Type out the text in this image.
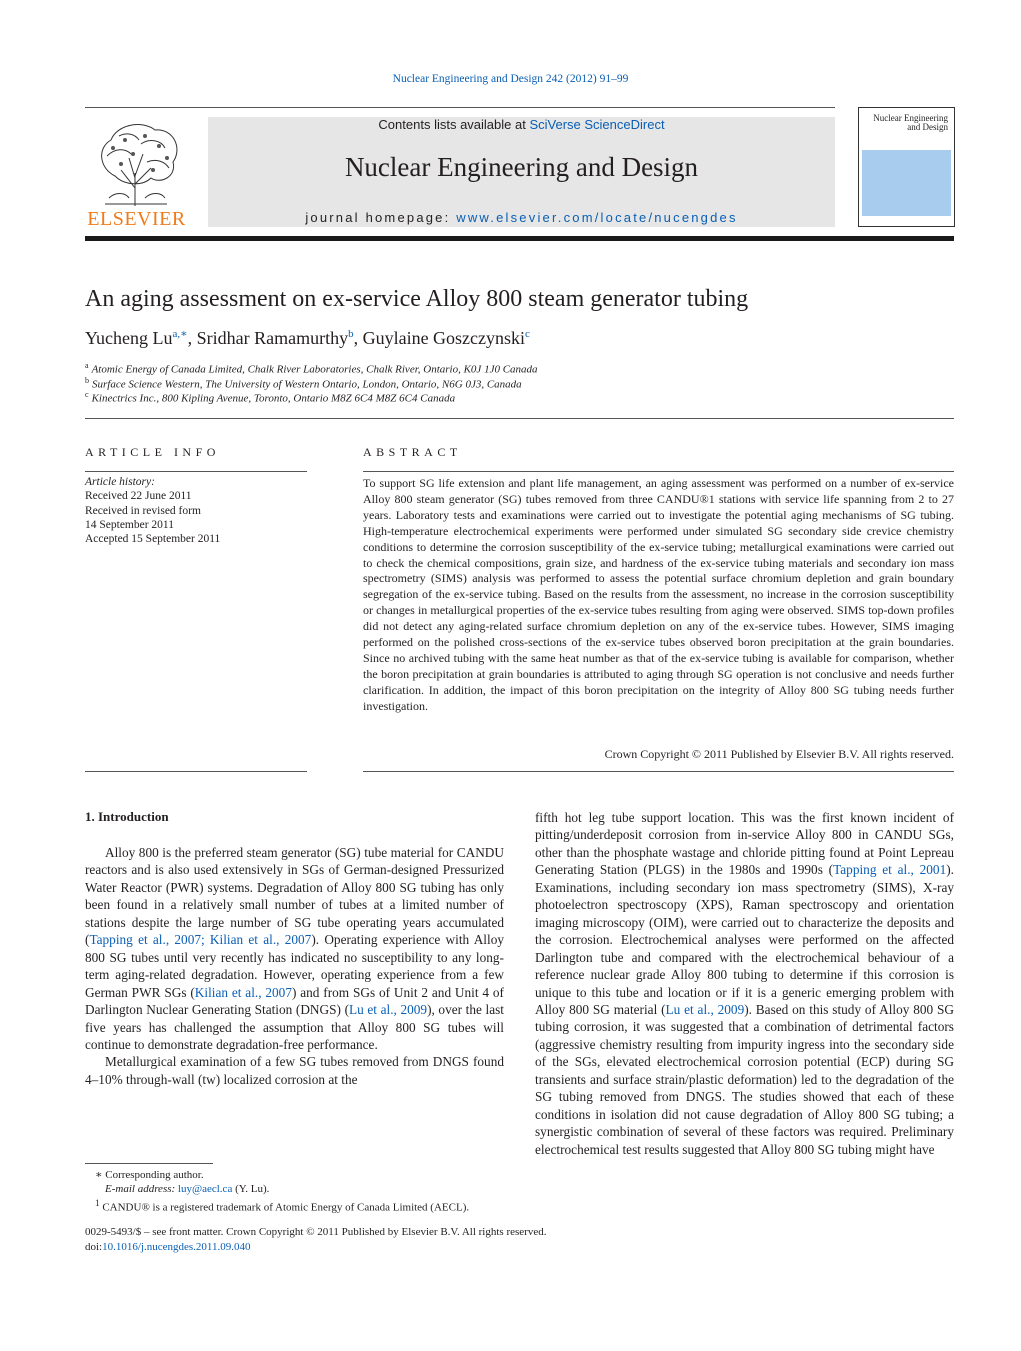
Nuclear Engineering and Design 242 (2012) 91–99
ELSEVIER
Contents lists available at SciVerse ScienceDirect
Nuclear Engineering and Design
journal homepage: www.elsevier.com/locate/nucengdes
Nuclear Engineering and Design
An aging assessment on ex-service Alloy 800 steam generator tubing
Yucheng $Lu^{a,∗}$, Sridhar Ramamurthy$^b$, Guylaine Goszczynski$^c$
$^a$ Atomic Energy of Canada Limited, Chalk River Laboratories, Chalk River, Ontario, K0J 1J0 Canada
$^b$ Surface Science Western, The University of Western Ontario, London, Ontario, N6G 0J3, Canada
$^c$ Kinectrics Inc., 800 Kipling Avenue, Toronto, Ontario M8Z 6C4 M8Z 6C4 Canada
ARTICLE INFO	ABSTRACT
Article history:
Received 22 June 2011
Received in revised form
14 September 2011
Accepted 15 September 2011
To support SG life extension and plant life management, an aging assessment was performed on a number of ex-service Alloy 800 steam generator (SG) tubes removed from three CANDU®1 stations with service life spanning from 2 to 27 years. Laboratory tests and examinations were carried out to investigate the potential aging mechanisms of SG tubing. High-temperature electrochemical experiments were performed under simulated SG secondary side crevice chemistry conditions to determine the corrosion susceptibility of the ex-service tubing; metallurgical examinations were carried out to check the chemical compositions, grain size, and hardness of the ex-service tubing materials and secondary ion mass spectrometry (SIMS) analysis was performed to assess the potential surface chromium depletion and grain boundary segregation of the ex-service tubing. Based on the results from the assessment, no increase in the corrosion susceptibility or changes in metallurgical properties of the ex-service tubes resulting from aging were observed. SIMS top-down profiles did not detect any aging-related surface chromium depletion on any of the ex-service tubes. However, SIMS imaging performed on the polished cross-sections of the ex-service tubes observed boron precipitation at the grain boundaries. Since no archived tubing with the same heat number as that of the ex-service tubing is available for comparison, whether the boron precipitation at grain boundaries is attributed to aging through SG operation is not conclusive and needs further clarification. In addition, the impact of this boron precipitation on the integrity of Alloy 800 SG tubing needs further investigation.
Crown Copyright © 2011 Published by Elsevier B.V. All rights reserved.
1. Introduction

Alloy 800 is the preferred steam generator (SG) tube material for CANDU reactors and is also used extensively in SGs of German-designed Pressurized Water Reactor (PWR) systems. Degradation of Alloy 800 SG tubing has only been found in a relatively small number of tubes at a limited number of stations despite the large number of SG tube operating years accumulated (Tapping et al., 2007; Kilian et al., 2007). Operating experience with Alloy 800 SG tubes until very recently has indicated no susceptibility to any long-term aging-related degradation. However, operating experience from a few German PWR SGs (Kilian et al., 2007) and from SGs of Unit 2 and Unit 4 of Darlington Nuclear Generating Station (DNGS) (Lu et al., 2009), over the last five years has challenged the assumption that Alloy 800 SG tubes will continue to demonstrate degradation-free performance.

Metallurgical examination of a few SG tubes removed from DNGS found 4–10% through-wall (tw) localized corrosion at the

fifth hot leg tube support location. This was the first known incident of pitting/underdeposit corrosion from in-service Alloy 800 in CANDU SGs, other than the phosphate wastage and chloride pitting found at Point Lepreau Generating Station (PLGS) in the 1980s and 1990s (Tapping et al., 2001). Examinations, including secondary ion mass spectrometry (SIMS), X-ray photoelectron spectroscopy (XPS), Raman spectroscopy and orientation imaging microscopy (OIM), were carried out to characterize the deposits and the corrosion. Electrochemical analyses were performed on the affected Darlington tube and compared with the electrochemical behaviour of a reference nuclear grade Alloy 800 tubing to determine if this corrosion is unique to this tube and location or if it is a generic emerging problem with Alloy 800 SG material (Lu et al., 2009). Based on this study of Alloy 800 SG tubing corrosion, it was suggested that a combination of detrimental factors (aggressive chemistry resulting from impurity ingress into the secondary side of the SGs, elevated electrochemical corrosion potential (ECP) during SG transients and surface strain/plastic deformation) led to the degradation of the SG tubing removed from DNGS. The studies showed that each of these conditions in isolation did not cause degradation of Alloy 800 SG tubing; a synergistic combination of several of these factors was required. Preliminary electrochemical test results suggested that Alloy 800 SG tubing might have

∗ Corresponding author.
E-mail address: luy@aecl.ca (Y. Lu).
$^1$ CANDU® is a registered trademark of Atomic Energy of Canada Limited (AECL).
0029-5493/$ – see front matter. Crown Copyright © 2011 Published by Elsevier B.V. All rights reserved.
doi:10.1016/j.nucengdes.2011.09.040
